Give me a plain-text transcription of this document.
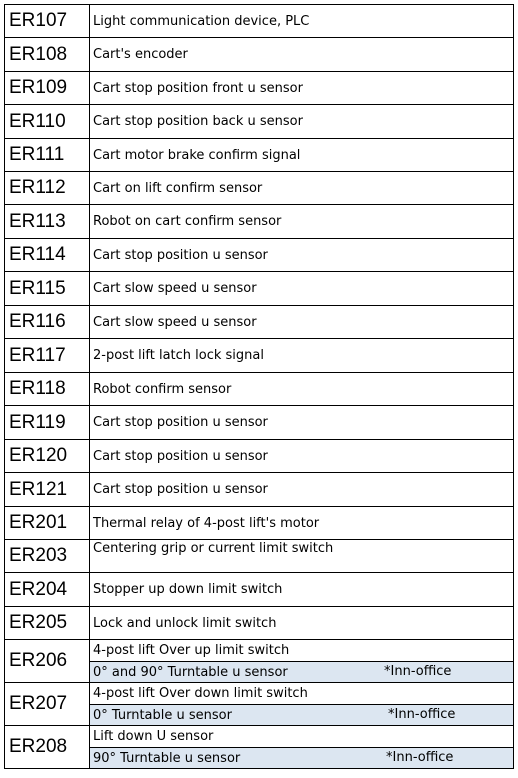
ER107	Light communication device, PLC
ER108	Cart's encoder
ER109	Cart stop position front u sensor
ER110	Cart stop position back u sensor
ER111	Cart motor brake confirm signal
ER112	Cart on lift confirm sensor
ER113	Robot on cart confirm sensor
ER114	Cart stop position u sensor
ER115	Cart slow speed u sensor
ER116	Cart slow speed u sensor
ER117	2-post lift latch lock signal
ER118	Robot confirm sensor
ER119	Cart stop position u sensor
ER120	Cart stop position u sensor
ER121	Cart stop position u sensor
ER201	Thermal relay of 4-post lift's motor
ER203	Centering grip or current limit switch
ER204	Stopper up down limit switch
ER205	Lock and unlock limit switch
ER206	4-post lift Over up limit switch
	0° and 90° Turntable u sensor *Inn-office

ER207	4-post lift Over down limit switch
	0° Turntable u sensor *Inn-office

ER208	Lift down U sensor
	90° Turntable u sensor *Inn-office
